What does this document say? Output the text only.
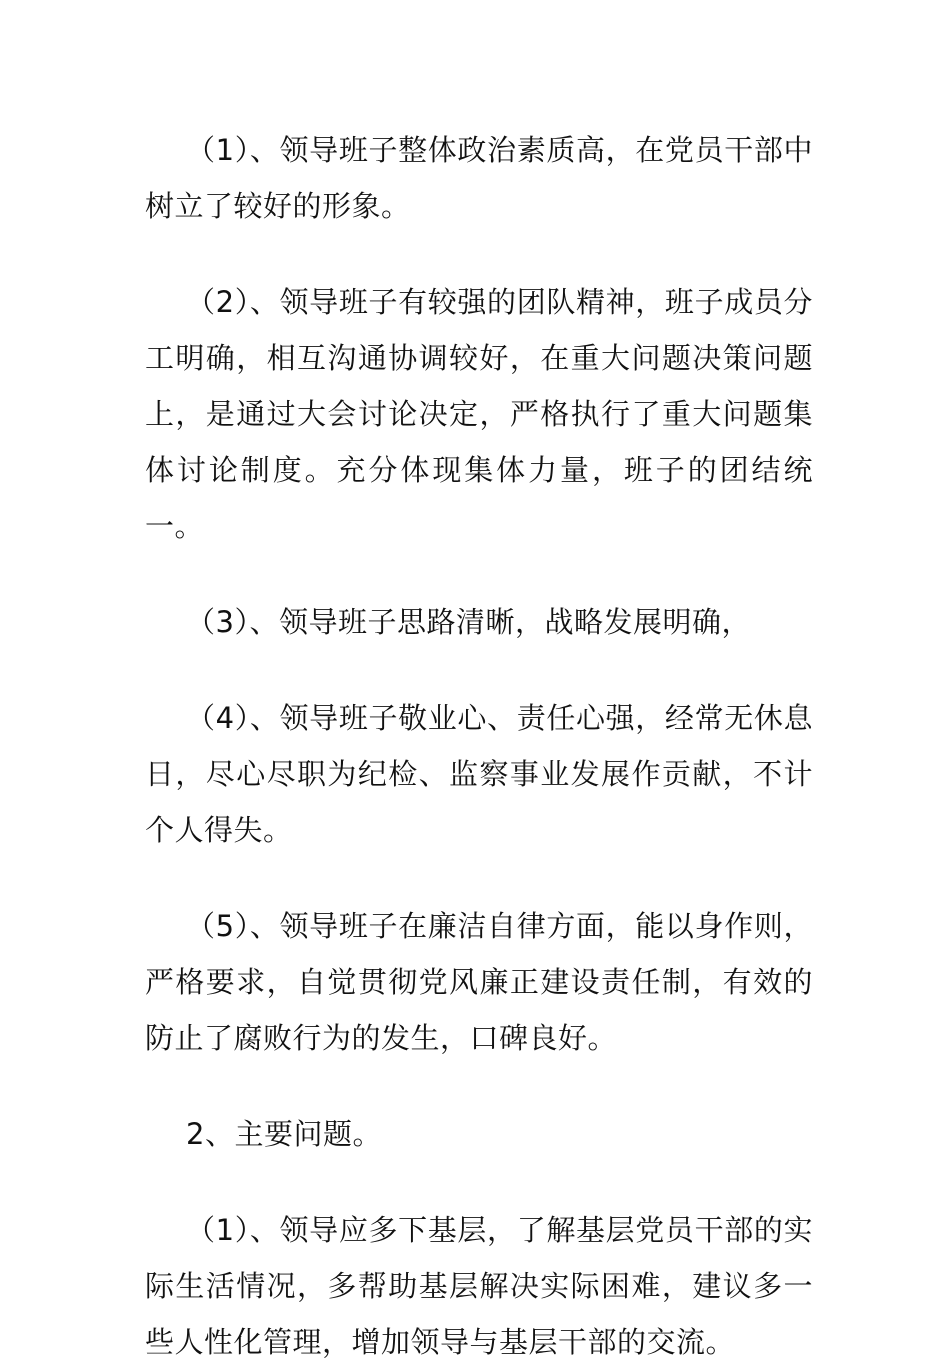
（1）、领导班子整体政治素质高，在党员干部中树立了较好的形象。

（2）、领导班子有较强的团队精神，班子成员分工明确，相互沟通协调较好，在重大问题决策问题上，是通过大会讨论决定，严格执行了重大问题集体讨论制度。充分体现集体力量，班子的团结统一。

（3）、领导班子思路清晰，战略发展明确，

（4）、领导班子敬业心、责任心强，经常无休息日，尽心尽职为纪检、监察事业发展作贡献，不计个人得失。

（5）、领导班子在廉洁自律方面，能以身作则，严格要求，自觉贯彻党风廉正建设责任制，有效的防止了腐败行为的发生，口碑良好。

2、主要问题。

（1）、领导应多下基层，了解基层党员干部的实际生活情况，多帮助基层解决实际困难，建议多一些人性化管理，增加领导与基层干部的交流。
